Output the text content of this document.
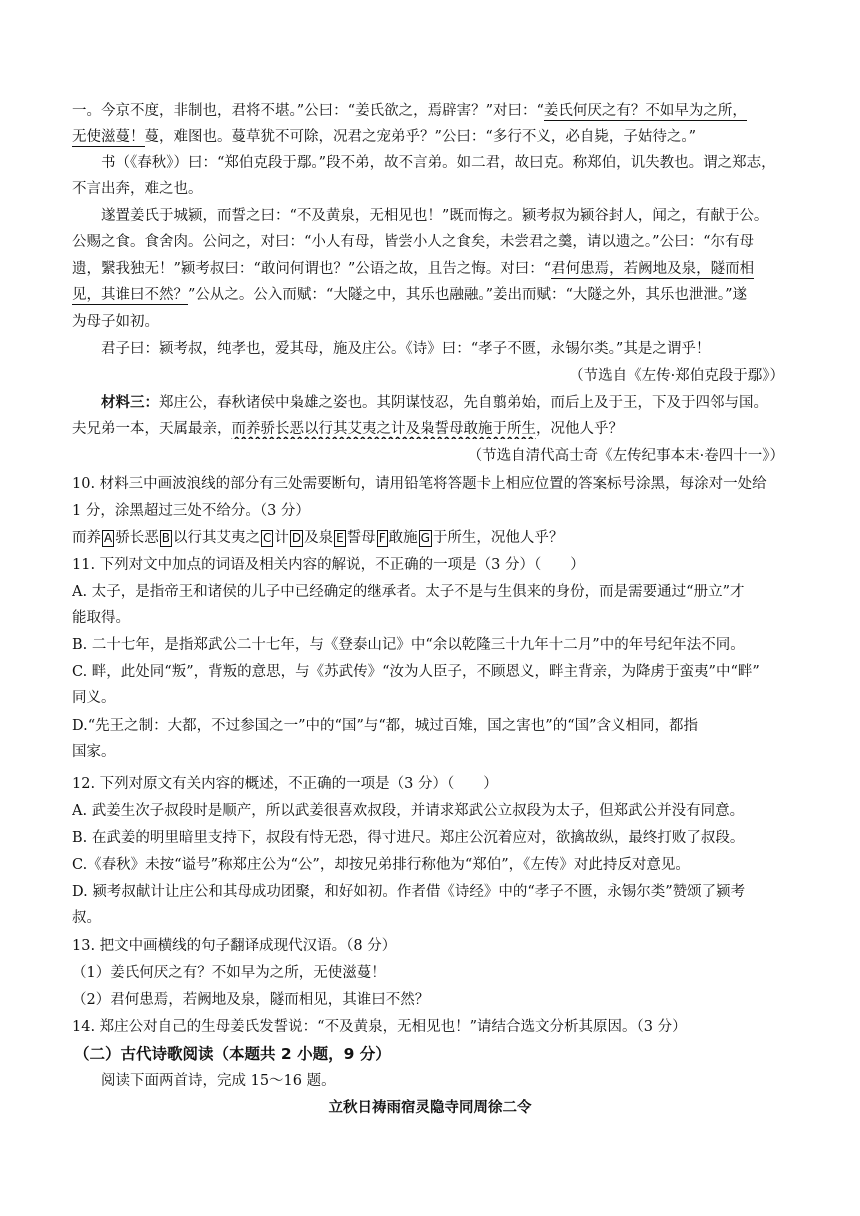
一。今京不度，非制也，君将不堪。”公曰：“姜氏欲之，焉辟害？”对曰：“姜氏何厌之有？不如早为之所，
无使滋蔓！蔓，难图也。蔓草犹不可除，况君之宠弟乎？”公曰：“多行不义，必自毙，子姑待之。”
书（《春秋》）曰：“郑伯克段于鄢。”段不弟，故不言弟。如二君，故曰克。称郑伯，讥失教也。谓之郑志，
不言出奔，难之也。
遂置姜氏于城颍，而誓之曰：“不及黄泉，无相见也！”既而悔之。颍考叔为颍谷封人，闻之，有献于公。
公赐之食。食舍肉。公问之，对曰：“小人有母，皆尝小人之食矣，未尝君之羹，请以遗之。”公曰：“尔有母
遗，繄我独无！”颍考叔曰：“敢问何谓也？”公语之故，且告之悔。对曰：“君何患焉，若阙地及泉，隧而相
见，其谁曰不然？”公从之。公入而赋：“大隧之中，其乐也融融。”姜出而赋：“大隧之外，其乐也泄泄。”遂
为母子如初。
君子曰：颍考叔，纯孝也，爱其母，施及庄公。《诗》曰：“孝子不匮，永锡尔类。”其是之谓乎！
（节选自《左传·郑伯克段于鄢》）
材料三：郑庄公，春秋诸侯中枭雄之姿也。其阴谋忮忍，先自翦弟始，而后上及于王，下及于四邻与国。
夫兄弟一本，天属最亲，而养骄长恶以行其艾夷之计及枭誓母敢施于所生，况他人乎？
（节选自清代高士奇《左传纪事本末·卷四十一》）
10. 材料三中画波浪线的部分有三处需要断句，请用铅笔将答题卡上相应位置的答案标号涂黑，每涂对一处给
1 分，涂黑超过三处不给分。（3 分）
而养 A 骄长恶 B 以行其艾夷之 C 计 D 及泉 E 誓母 F 敢施 G 于所生，况他人乎？
11. 下列对文中加点的词语及相关内容的解说，不正确的一项是（3 分）（　　）
A. 太子，是指帝王和诸侯的儿子中已经确定的继承者。太子不是与生俱来的身份，而是需要通过“册立”才
能取得。
B. 二十七年，是指郑武公二十七年，与《登泰山记》中“余以乾隆三十九年十二月”中的年号纪年法不同。
C. 畔，此处同“叛”，背叛的意思，与《苏武传》“汝为人臣子，不顾恩义，畔主背亲，为降虏于蛮夷”中“畔”
同义。
D.“先王之制：大都，不过参国之一”中的“国”与“都，城过百雉，国之害也”的“国”含义相同，都指
国家。
12. 下列对原文有关内容的概述，不正确的一项是（3 分）（　　）
A. 武姜生次子叔段时是顺产，所以武姜很喜欢叔段，并请求郑武公立叔段为太子，但郑武公并没有同意。
B. 在武姜的明里暗里支持下，叔段有恃无恐，得寸进尺。郑庄公沉着应对，欲擒故纵，最终打败了叔段。
C.《春秋》未按“谥号”称郑庄公为“公”，却按兄弟排行称他为“郑伯”，《左传》对此持反对意见。
D. 颍考叔献计让庄公和其母成功团聚，和好如初。作者借《诗经》中的“孝子不匮，永锡尔类”赞颂了颍考
叔。
13. 把文中画横线的句子翻译成现代汉语。（8 分）
（1）姜氏何厌之有？不如早为之所，无使滋蔓！
（2）君何患焉，若阙地及泉，隧而相见，其谁曰不然？
14. 郑庄公对自己的生母姜氏发誓说：“不及黄泉，无相见也！”请结合选文分析其原因。（3 分）
（二）古代诗歌阅读（本题共 2 小题，9 分）
阅读下面两首诗，完成 15～16 题。
立秋日祷雨宿灵隐寺同周徐二令
